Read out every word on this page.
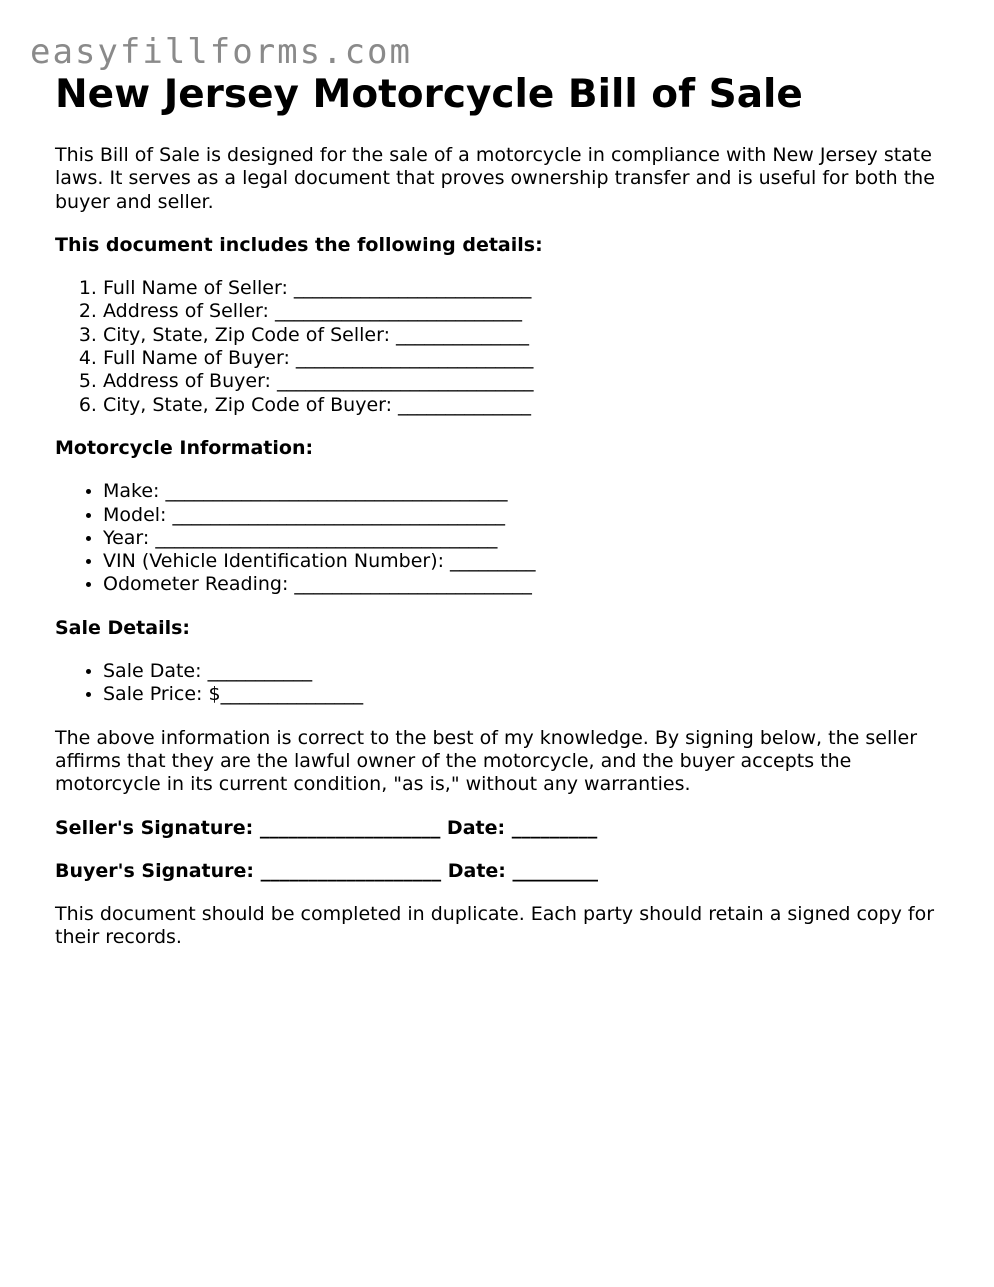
easyfillforms.com
New Jersey Motorcycle Bill of Sale

This Bill of Sale is designed for the sale of a motorcycle in compliance with New Jersey state laws. It serves as a legal document that proves ownership transfer and is useful for both the buyer and seller.

This document includes the following details:
1. Full Name of Seller: _________________________
2. Address of Seller: __________________________
3. City, State, Zip Code of Seller: ______________
4. Full Name of Buyer: _________________________
5. Address of Buyer: ___________________________
6. City, State, Zip Code of Buyer: ______________
Motorcycle Information:
• Make: ____________________________________
• Model: ___________________________________
• Year: ____________________________________
• VIN (Vehicle Identification Number): _________
• Odometer Reading: _________________________
Sale Details:
• Sale Date: ___________
• Sale Price: $_______________

The above information is correct to the best of my knowledge. By signing below, the seller affirms that they are the lawful owner of the motorcycle, and the buyer accepts the motorcycle in its current condition, "as is," without any warranties.

Seller's Signature: ___________________ Date: _________
Buyer's Signature: ___________________ Date: _________

This document should be completed in duplicate. Each party should retain a signed copy for their records.
